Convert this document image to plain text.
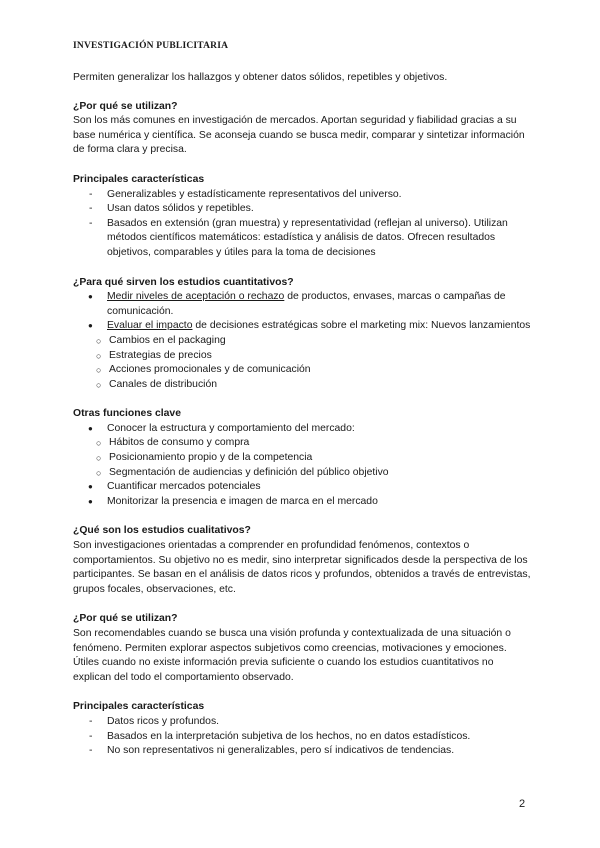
INVESTIGACIÓN PUBLICITARIA

Permiten generalizar los hallazgos y obtener datos sólidos, repetibles y objetivos.

¿Por qué se utilizan?

Son los más comunes en investigación de mercados. Aportan seguridad y fiabilidad gracias a su base numérica y científica. Se aconseja cuando se busca medir, comparar y sintetizar información de forma clara y precisa.

Principales características

- Generalizables y estadísticamente representativos del universo.
- Usan datos sólidos y repetibles.
- Basados en extensión (gran muestra) y representatividad (reflejan al universo). Utilizan métodos científicos matemáticos: estadística y análisis de datos. Ofrecen resultados objetivos, comparables y útiles para la toma de decisiones

¿Para qué sirven los estudios cuantitativos?

● Medir niveles de aceptación o rechazo de productos, envases, marcas o campañas de comunicación.
● Evaluar el impacto de decisiones estratégicas sobre el marketing mix: Nuevos lanzamientos
○ Cambios en el packaging
○ Estrategias de precios
○ Acciones promocionales y de comunicación
○ Canales de distribución

Otras funciones clave

● Conocer la estructura y comportamiento del mercado:
○ Hábitos de consumo y compra
○ Posicionamiento propio y de la competencia
○ Segmentación de audiencias y definición del público objetivo
● Cuantificar mercados potenciales
● Monitorizar la presencia e imagen de marca en el mercado

¿Qué son los estudios cualitativos?

Son investigaciones orientadas a comprender en profundidad fenómenos, contextos o comportamientos. Su objetivo no es medir, sino interpretar significados desde la perspectiva de los participantes. Se basan en el análisis de datos ricos y profundos, obtenidos a través de entrevistas, grupos focales, observaciones, etc.

¿Por qué se utilizan?

Son recomendables cuando se busca una visión profunda y contextualizada de una situación o fenómeno. Permiten explorar aspectos subjetivos como creencias, motivaciones y emociones. Útiles cuando no existe información previa suficiente o cuando los estudios cuantitativos no explican del todo el comportamiento observado.

Principales características

- Datos ricos y profundos.
- Basados en la interpretación subjetiva de los hechos, no en datos estadísticos.
- No son representativos ni generalizables, pero sí indicativos de tendencias.
2
